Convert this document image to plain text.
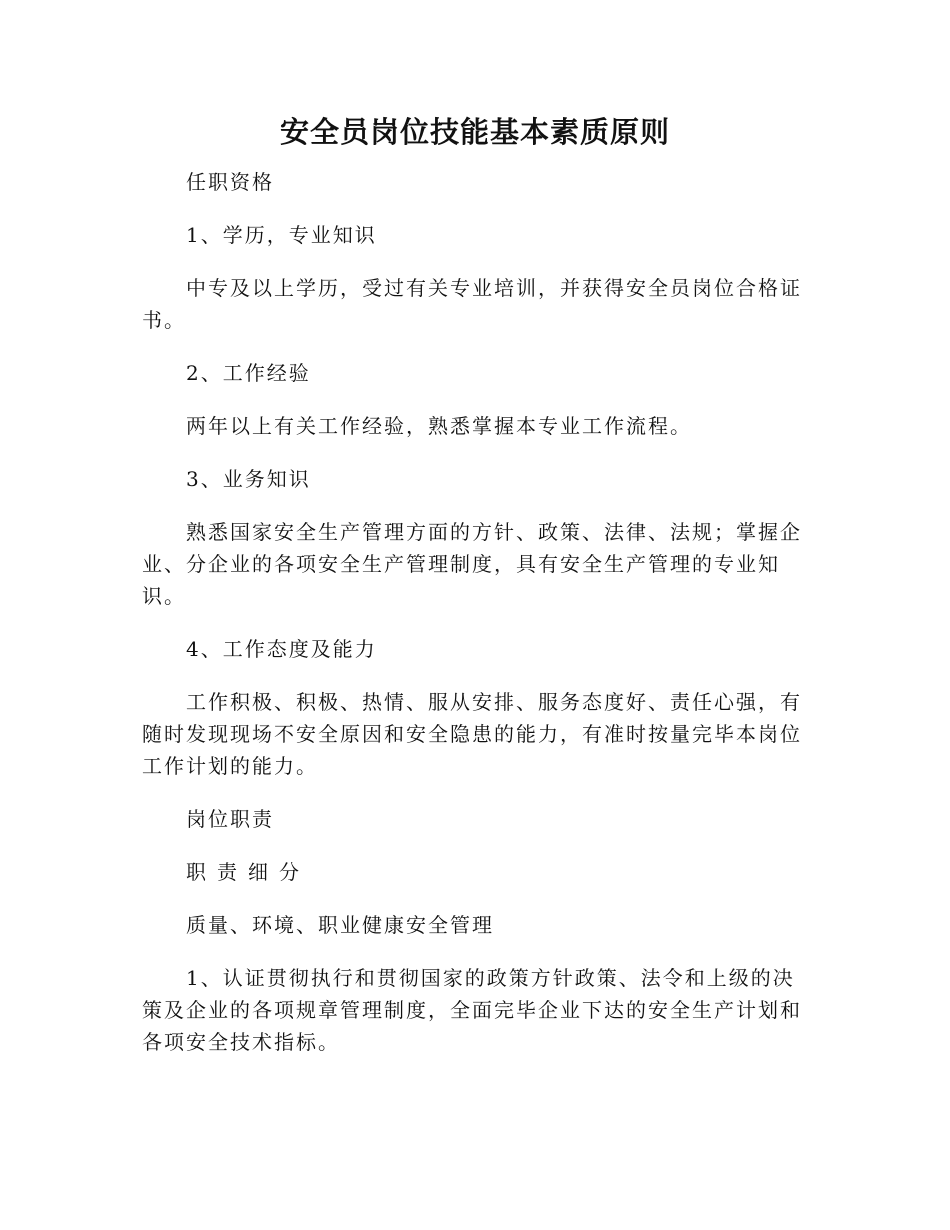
安全员岗位技能基本素质原则

任职资格

1、学历，专业知识

中专及以上学历，受过有关专业培训，并获得安全员岗位合格证书。

2、工作经验

两年以上有关工作经验，熟悉掌握本专业工作流程。

3、业务知识

熟悉国家安全生产管理方面的方针、政策、法律、法规；掌握企业、分企业的各项安全生产管理制度，具有安全生产管理的专业知识。

4、工作态度及能力

工作积极、积极、热情、服从安排、服务态度好、责任心强，有随时发现现场不安全原因和安全隐患的能力，有准时按量完毕本岗位工作计划的能力。

岗位职责

职责细分

质量、环境、职业健康安全管理

1、认证贯彻执行和贯彻国家的政策方针政策、法令和上级的决策及企业的各项规章管理制度，全面完毕企业下达的安全生产计划和各项安全技术指标。
